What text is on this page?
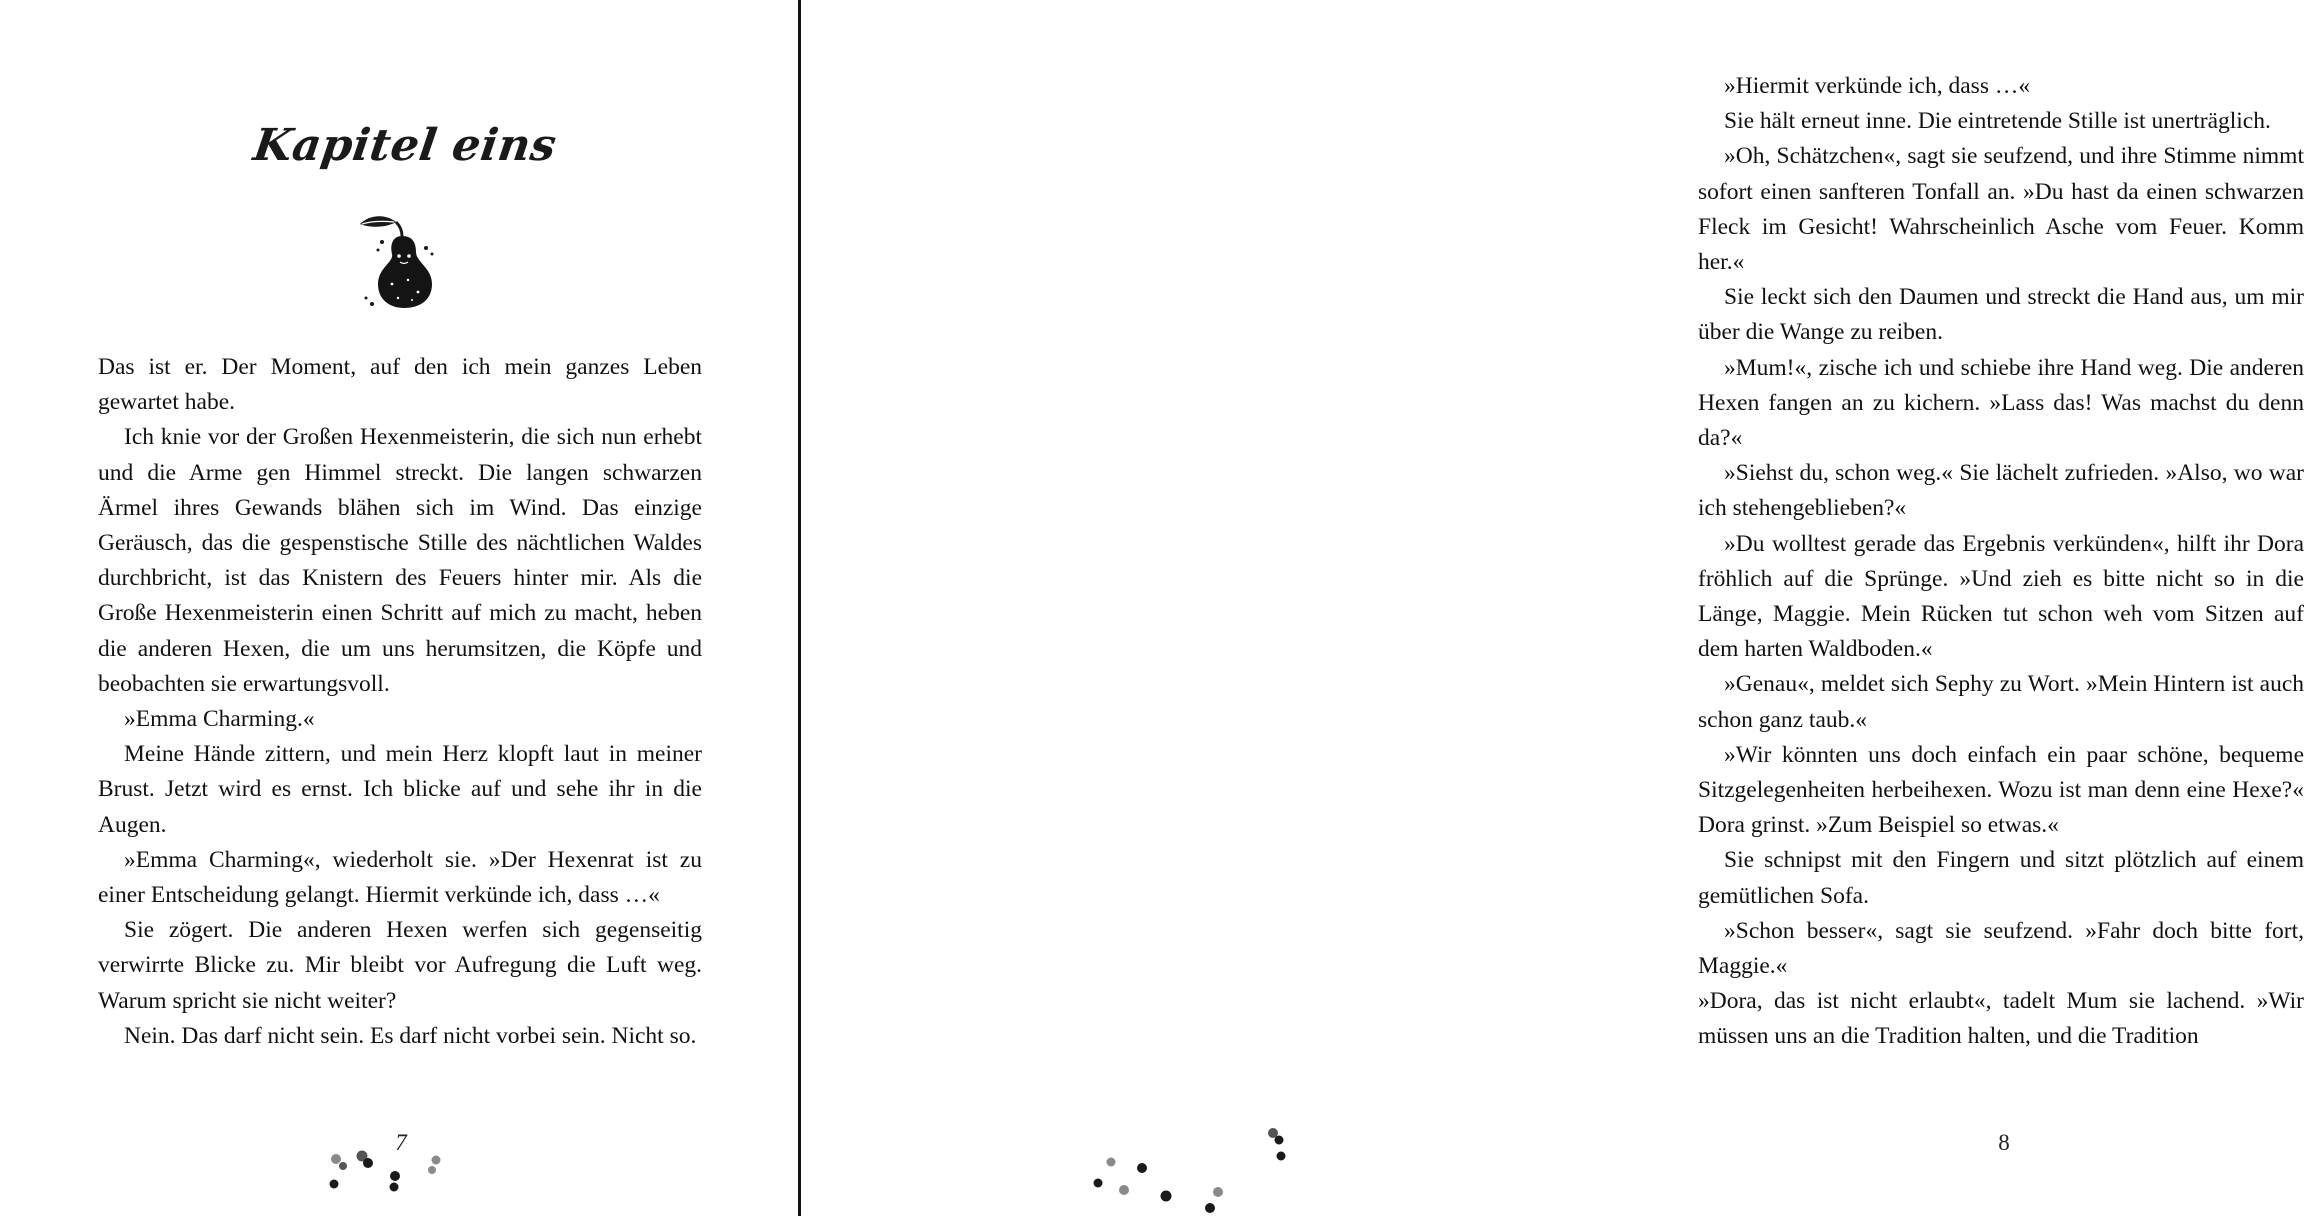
Kapitel eins

Das ist er. Der Moment, auf den ich mein ganzes Leben gewartet habe.

Ich knie vor der Großen Hexenmeisterin, die sich nun erhebt und die Arme gen Himmel streckt. Die langen schwarzen Ärmel ihres Gewands blähen sich im Wind. Das einzige Geräusch, das die gespenstische Stille des nächtlichen Waldes durchbricht, ist das Knistern des Feuers hinter mir. Als die Große Hexenmeisterin einen Schritt auf mich zu macht, heben die anderen Hexen, die um uns herumsitzen, die Köpfe und beobachten sie erwartungsvoll.

»Emma Charming.«

Meine Hände zittern, und mein Herz klopft laut in meiner Brust. Jetzt wird es ernst. Ich blicke auf und sehe ihr in die Augen.

»Emma Charming«, wiederholt sie. »Der Hexenrat ist zu einer Entscheidung gelangt. Hiermit verkünde ich, dass …«

Sie zögert. Die anderen Hexen werfen sich gegenseitig verwirrte Blicke zu. Mir bleibt vor Aufregung die Luft weg. Warum spricht sie nicht weiter?

Nein. Das darf nicht sein. Es darf nicht vorbei sein. Nicht so.

7

»Hiermit verkünde ich, dass …«

Sie hält erneut inne. Die eintretende Stille ist unerträglich.

»Oh, Schätzchen«, sagt sie seufzend, und ihre Stimme nimmt sofort einen sanfteren Tonfall an. »Du hast da einen schwarzen Fleck im Gesicht! Wahrscheinlich Asche vom Feuer. Komm her.«

Sie leckt sich den Daumen und streckt die Hand aus, um mir über die Wange zu reiben.

»Mum!«, zische ich und schiebe ihre Hand weg. Die anderen Hexen fangen an zu kichern. »Lass das! Was machst du denn da?«

»Siehst du, schon weg.« Sie lächelt zufrieden. »Also, wo war ich stehengeblieben?«

»Du wolltest gerade das Ergebnis verkünden«, hilft ihr Dora fröhlich auf die Sprünge. »Und zieh es bitte nicht so in die Länge, Maggie. Mein Rücken tut schon weh vom Sitzen auf dem harten Waldboden.«

»Genau«, meldet sich Sephy zu Wort. »Mein Hintern ist auch schon ganz taub.«

»Wir könnten uns doch einfach ein paar schöne, bequeme Sitzgelegenheiten herbeihexen. Wozu ist man denn eine Hexe?« Dora grinst. »Zum Beispiel so etwas.«

Sie schnipst mit den Fingern und sitzt plötzlich auf einem gemütlichen Sofa.

»Schon besser«, sagt sie seufzend. »Fahr doch bitte fort, Maggie.«

»Dora, das ist nicht erlaubt«, tadelt Mum sie lachend. »Wir müssen uns an die Tradition halten, und die Tradition

8
